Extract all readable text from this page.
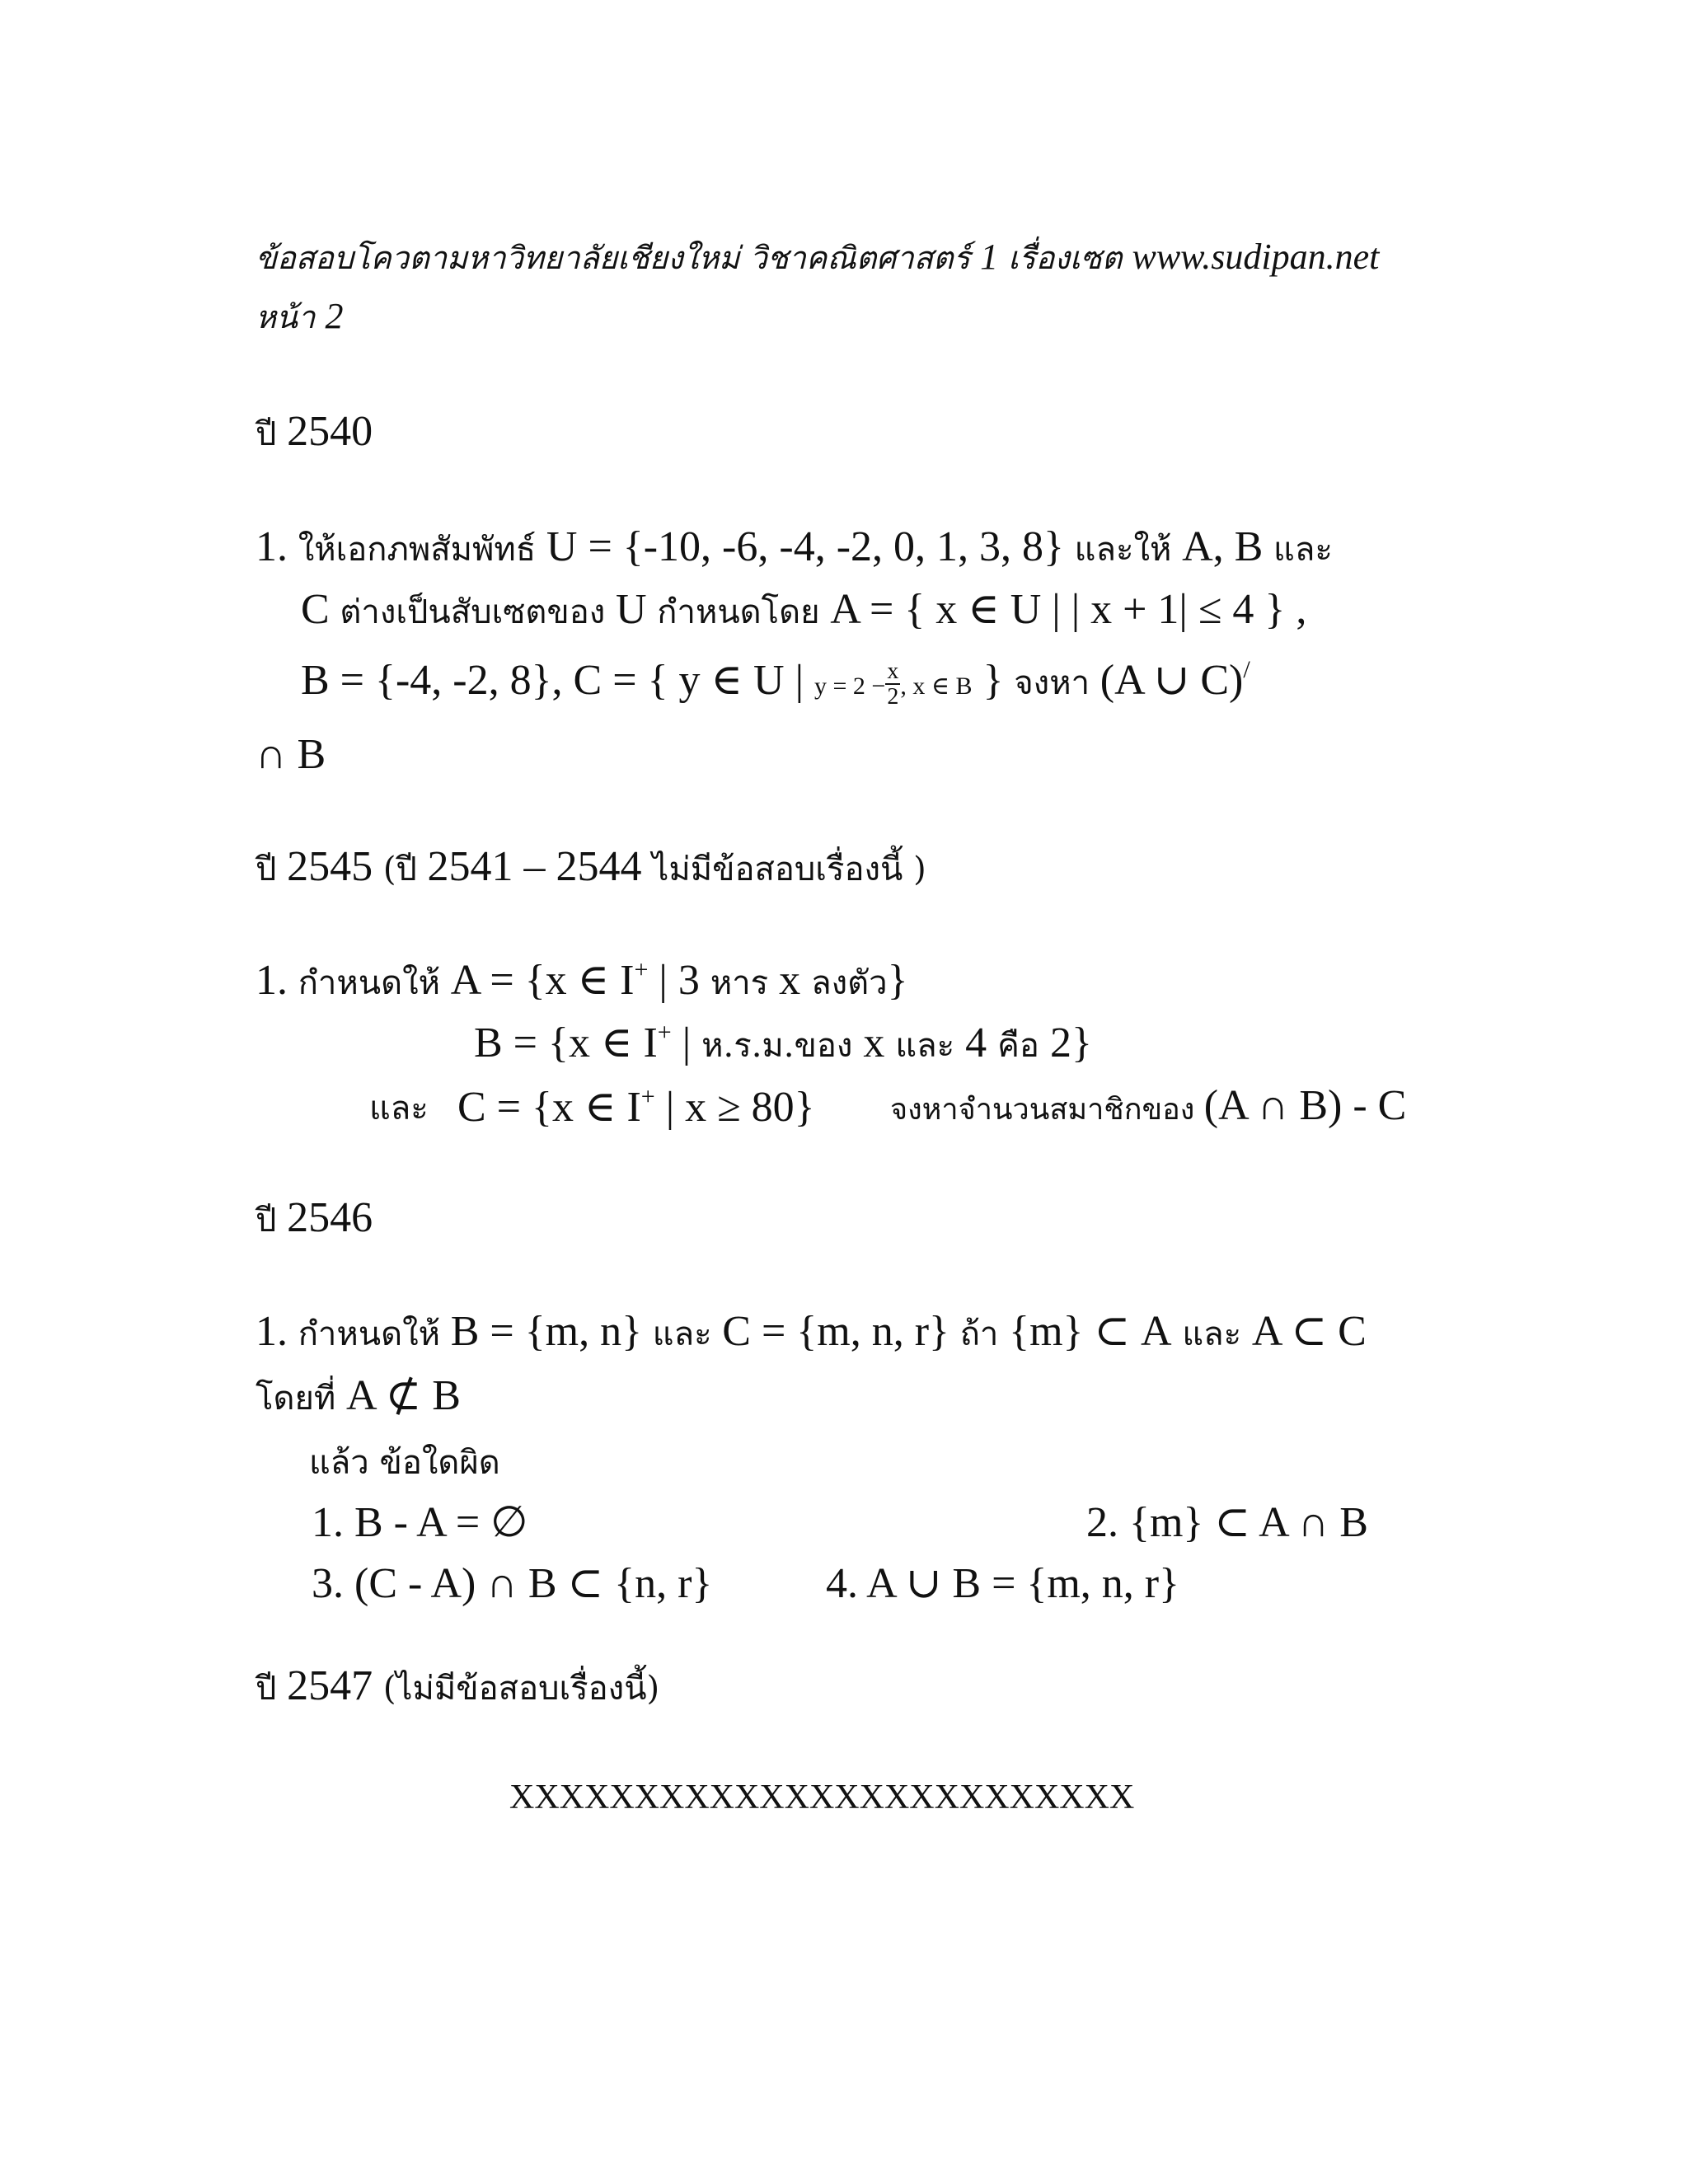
ข้อสอบโควตามหาวิทยาลัยเชียงใหม่ วิชาคณิตศาสตร์ 1 เรื่องเซต www.sudipan.net
หน้า 2
ปี 2540
1. ให้เอกภพสัมพัทธ์ U = {-10, -6, -4, -2, 0, 1, 3, 8} และให้ A, B และ
C ต่างเป็นสับเซตของ U กำหนดโดย A = { x ∈ U | | x + 1| ≤ 4 } ,
B = {-4, -2, 8}, C = { y ∈ U | $y = 2 - \frac{x}{2}$ , x ∈ B } จงหา (A ∪ C)/
∩ B
ปี 2545 (ปี 2541 – 2544 ไม่มีข้อสอบเรื่องนี้ )
1. กำหนดให้ A = {x ∈ I+ | 3 หาร x ลงตัว}
B = {x ∈ I+ | ห.ร.ม.ของ x และ 4 คือ 2}
และ C = {x ∈ I+ | x ≥ 80}	จงหาจำนวนสมาชิกของ (A ∩ B) - C
ปี 2546
1. กำหนดให้ B = {m, n} และ C = {m, n, r} ถ้า {m} ⊂ A และ A ⊂ C
โดยที่ A ⊄ B
แล้ว ข้อใดผิด
1. B - A = ∅	2. {m} ⊂ A ∩ B
3. (C - A) ∩ B ⊂ {n, r}	4. A ∪ B = {m, n, r}
ปี 2547 (ไม่มีข้อสอบเรื่องนี้)
XXXXXXXXXXXXXXXXXXXXXXXXX
